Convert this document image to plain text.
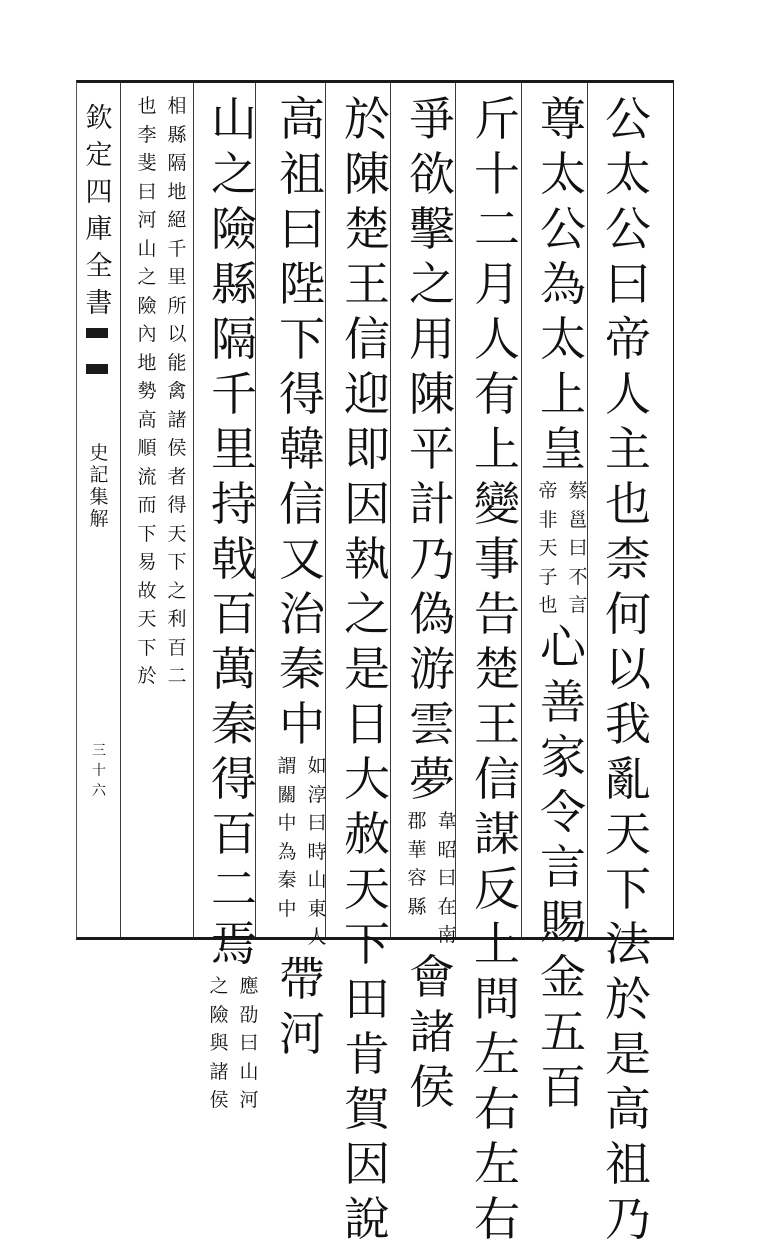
欽
定
四
庫
全
書
史
記
集
解
三十六
公
太
公
曰
帝
人
主
也
柰
何
以
我
亂
天
下
法
於
是
高
祖
乃
尊
太
公
為
太
上
皇
帝
非
天
子
也
蔡
邕
曰
不
言
心
善
家
令
言
賜
金
五
百
斤
十
二
月
人
有
上
變
事
告
楚
王
信
謀
反
上
問
左
右
左
右
爭
欲
擊
之
用
陳
平
計
乃
偽
游
雲
夢
郡
華
容
縣
韋
昭
曰
在
南
會
諸
侯
於
陳
楚
王
信
迎
即
因
執
之
是
日
大
赦
天
下
田
肯
賀
因
說
高
祖
曰
陛
下
得
韓
信
又
治
秦
中
謂
關
中
為
秦
中
如
淳
曰
時
山
東
人
帶
河
山
之
險
縣
隔
千
里
持
戟
百
萬
秦
得
百
二
焉
之
險
與
諸
侯
應
劭
曰
山
河
也
李
斐
曰
河
山
之
險
內
地
勢
高
順
流
而
下
易
故
天
下
於
相
縣
隔
地
絕
千
里
所
以
能
禽
諸
侯
者
得
天
下
之
利
百
二
